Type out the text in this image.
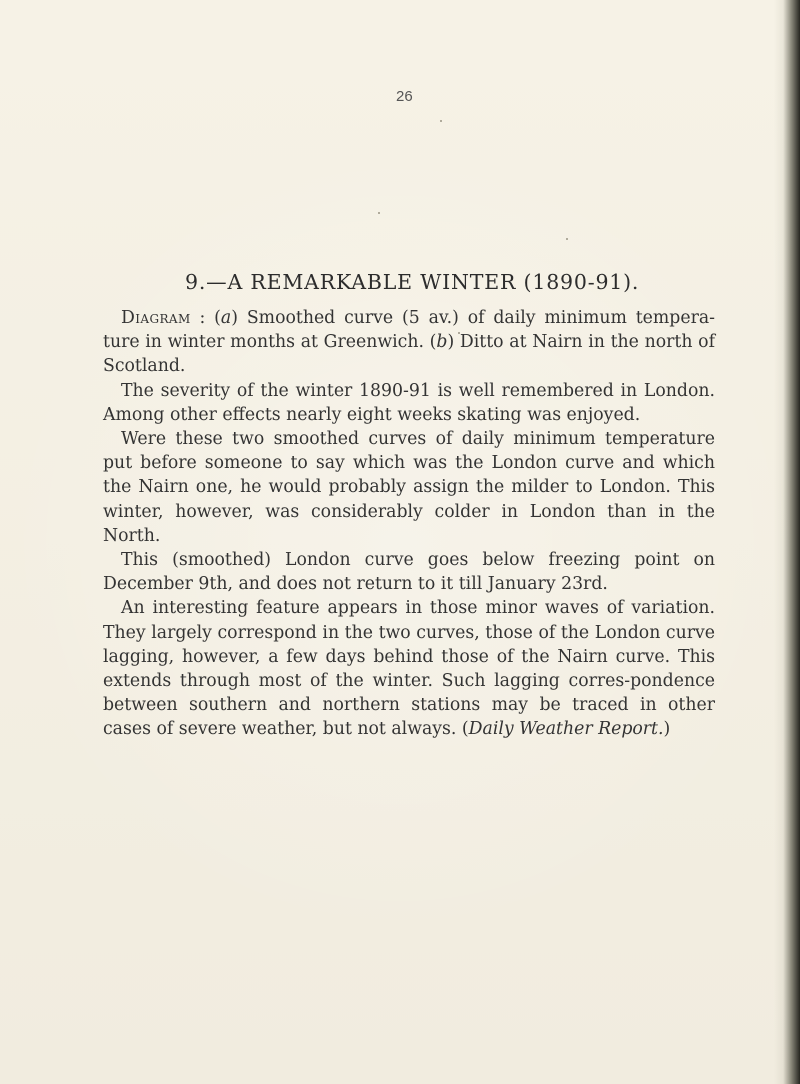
26
9.—A REMARKABLE WINTER (1890-91).

Diagram : (a) Smoothed curve (5 av.) of daily minimum tempera-ture in winter months at Greenwich. (b) Ditto at Nairn in the north of Scotland.

The severity of the winter 1890-91 is well remembered in London. Among other effects nearly eight weeks skating was enjoyed.

Were these two smoothed curves of daily minimum temperature put before someone to say which was the London curve and which the Nairn one, he would probably assign the milder to London. This winter, however, was considerably colder in London than in the North.

This (smoothed) London curve goes below freezing point on December 9th, and does not return to it till January 23rd.

An interesting feature appears in those minor waves of variation. They largely correspond in the two curves, those of the London curve lagging, however, a few days behind those of the Nairn curve. This extends through most of the winter. Such lagging corres-pondence between southern and northern stations may be traced in other cases of severe weather, but not always. (Daily Weather Report.)
